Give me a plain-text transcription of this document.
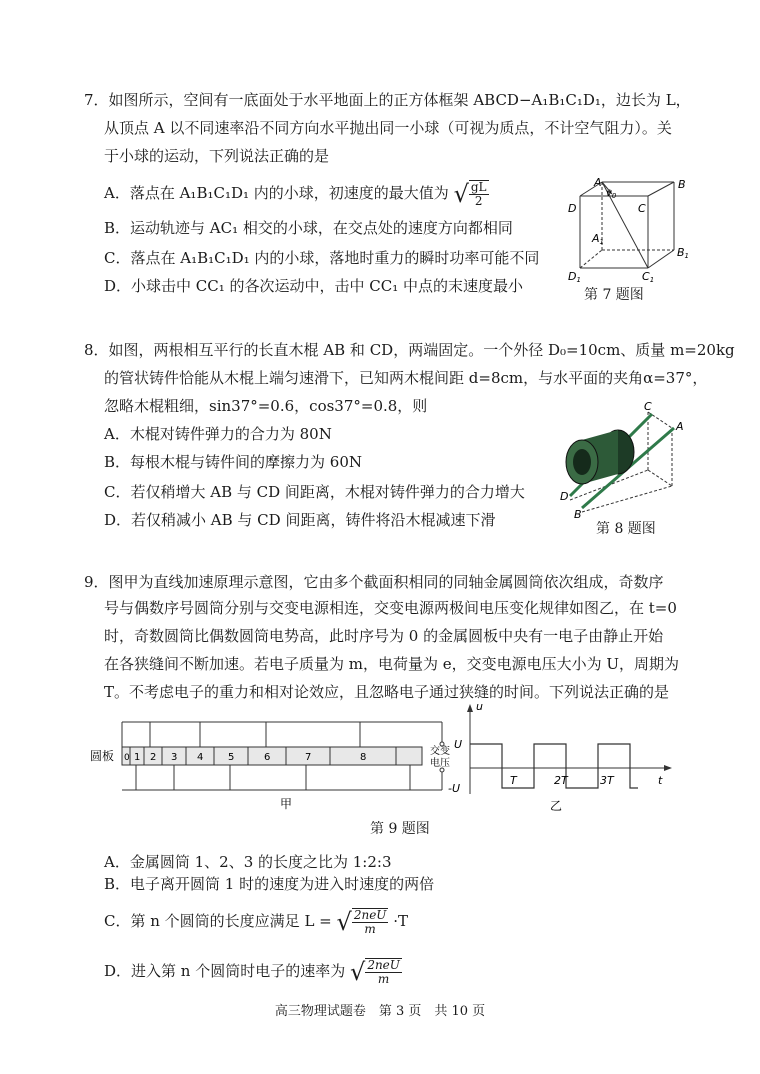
7．如图所示，空间有一底面处于水平地面上的正方体框架 ABCD−A₁B₁C₁D₁，边长为 L，
从顶点 A 以不同速率沿不同方向水平抛出同一小球（可视为质点，不计空气阻力）。关
于小球的运动，下列说法正确的是
A．落点在 A₁B₁C₁D₁ 内的小球，初速度的最大值为 √ $\frac{gL}{2}$
B．运动轨迹与 AC₁ 相交的小球，在交点处的速度方向都相同
C．落点在 A₁B₁C₁D₁ 内的小球，落地时重力的瞬时功率可能不同
D．小球击中 CC₁ 的各次运动中，击中 CC₁ 中点的末速度最小
A	B
C
D
$v_0$
A1
B1
C1
D1
第 7 题图
8．如图，两根相互平行的长直木棍 AB 和 CD，两端固定。一个外径 D₀=10cm、质量 m=20kg
的管状铸件恰能从木棍上端匀速滑下，已知两木棍间距 d=8cm，与水平面的夹角α=37°，
忽略木棍粗细，sin37°=0.6，cos37°=0.8，则
A．木棍对铸件弹力的合力为 80N
B．每根木棍与铸件间的摩擦力为 60N
C．若仅稍增大 AB 与 CD 间距离，木棍对铸件弹力的合力增大
D．若仅稍减小 AB 与 CD 间距离，铸件将沿木棍减速下滑
C
A
D
B
第 8 题图
9．图甲为直线加速原理示意图，它由多个截面积相同的同轴金属圆筒依次组成，奇数序
号与偶数序号圆筒分别与交变电源相连，交变电源两极间电压变化规律如图乙，在 t=0
时，奇数圆筒比偶数圆筒电势高，此时序号为 0 的金属圆板中央有一电子由静止开始
在各狭缝间不断加速。若电子质量为 m，电荷量为 e，交变电源电压大小为 U，周期为
T。不考虑电子的重力和相对论效应，且忽略电子通过狭缝的时间。下列说法正确的是
圆板 0 1 2 3 4 5	6	7	8
交变
电压
甲
u
t
U
-U
T	2T	3T
乙
第 9 题图
A．金属圆筒 1、2、3 的长度之比为 1:2:3
B．电子离开圆筒 1 时的速度为进入时速度的两倍
C．第 n 个圆筒的长度应满足 L = √ $\frac{\text{2neU}}{m} \cdot T$
D．进入第 n 个圆筒时电子的速率为 √ $\frac{\text{2neU}}{m}$
高三物理试题卷　第 3 页　共 10 页
